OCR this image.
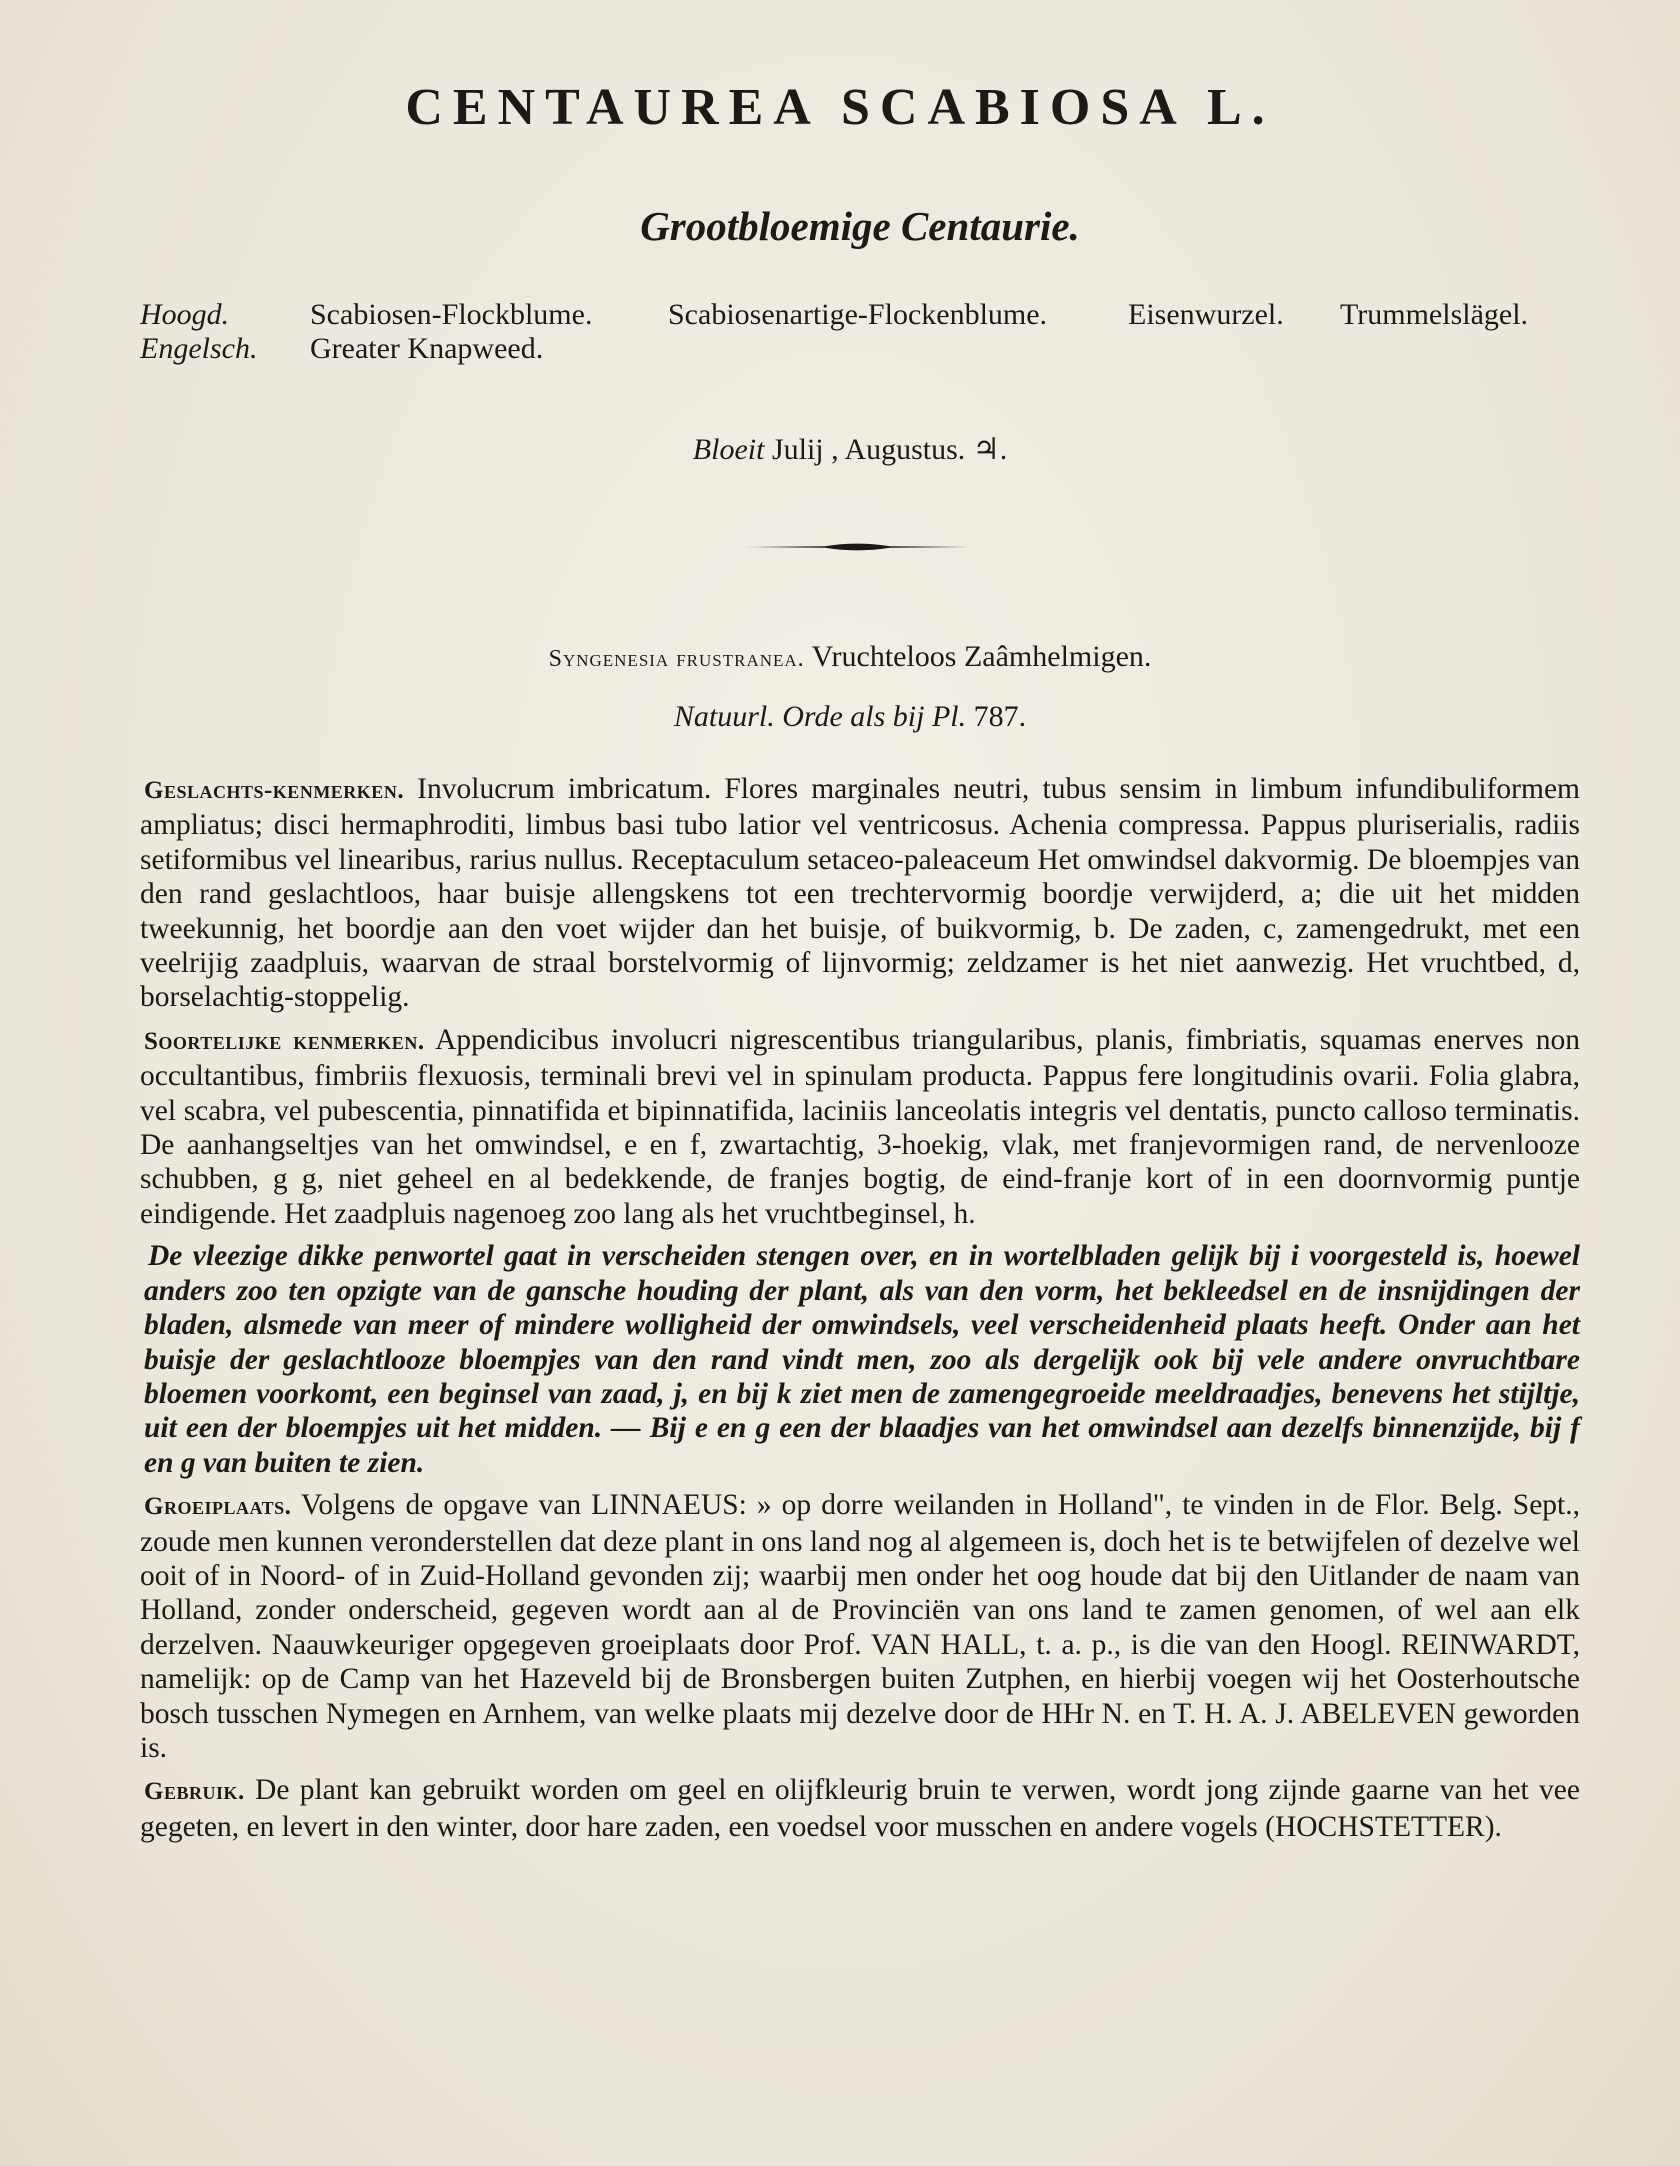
CENTAUREA SCABIOSA L.
Grootbloemige Centaurie.
Hoogd.	Scabiosen-Flockblume.	Scabiosenartige-Flockenblume.	Eisenwurzel.	Trummelslägel.
Engelsch.	Greater Knapweed.
Bloeit Julij , Augustus. ♃.
Syngenesia frustranea. Vruchteloos Zaâmhelmigen.
Natuurl. Orde als bij Pl. 787.

Geslachts-kenmerken. Involucrum imbricatum. Flores marginales neutri, tubus sensim in limbum infundibuliformem ampliatus; disci hermaphroditi, limbus basi tubo latior vel ventricosus. Achenia compressa. Pappus pluriserialis, radiis setiformibus vel linearibus, rarius nullus. Receptaculum setaceo-paleaceum Het omwindsel dakvormig. De bloempjes van den rand geslachtloos, haar buisje allengskens tot een trechtervormig boordje verwijderd, a; die uit het midden tweekunnig, het boordje aan den voet wijder dan het buisje, of buikvormig, b. De zaden, c, zamengedrukt, met een veelrijig zaadpluis, waarvan de straal borstelvormig of lijnvormig; zeldzamer is het niet aanwezig. Het vruchtbed, d, borselachtig-stoppelig.

Soortelijke kenmerken. Appendicibus involucri nigrescentibus triangularibus, planis, fimbriatis, squamas enerves non occultantibus, fimbriis flexuosis, terminali brevi vel in spinulam producta. Pappus fere longitudinis ovarii. Folia glabra, vel scabra, vel pubescentia, pinnatifida et bipinnatifida, laciniis lanceolatis integris vel dentatis, puncto calloso terminatis. De aanhangseltjes van het omwindsel, e en f, zwartachtig, 3-hoekig, vlak, met franjevormigen rand, de nervenlooze schubben, g g, niet geheel en al bedekkende, de franjes bogtig, de eind-franje kort of in een doornvormig puntje eindigende. Het zaadpluis nagenoeg zoo lang als het vruchtbeginsel, h.

De vleezige dikke penwortel gaat in verscheiden stengen over, en in wortelbladen gelijk bij i voorgesteld is, hoewel anders zoo ten opzigte van de gansche houding der plant, als van den vorm, het bekleedsel en de insnijdingen der bladen, alsmede van meer of mindere wolligheid der omwindsels, veel verscheidenheid plaats heeft. Onder aan het buisje der geslachtlooze bloempjes van den rand vindt men, zoo als dergelijk ook bij vele andere onvruchtbare bloemen voorkomt, een beginsel van zaad, j, en bij k ziet men de zamengegroeide meeldraadjes, benevens het stijltje, uit een der bloempjes uit het midden. — Bij e en g een der blaadjes van het omwindsel aan dezelfs binnenzijde, bij f en g van buiten te zien.

Groeiplaats. Volgens de opgave van LINNAEUS: » op dorre weilanden in Holland", te vinden in de Flor. Belg. Sept., zoude men kunnen veronderstellen dat deze plant in ons land nog al algemeen is, doch het is te betwijfelen of dezelve wel ooit of in Noord- of in Zuid-Holland gevonden zij; waarbij men onder het oog houde dat bij den Uitlander de naam van Holland, zonder onderscheid, gegeven wordt aan al de Provinciën van ons land te zamen genomen, of wel aan elk derzelven. Naauwkeuriger opgegeven groeiplaats door Prof. VAN HALL, t. a. p., is die van den Hoogl. REINWARDT, namelijk: op de Camp van het Hazeveld bij de Bronsbergen buiten Zutphen, en hierbij voegen wij het Oosterhoutsche bosch tusschen Nymegen en Arnhem, van welke plaats mij dezelve door de HHr N. en T. H. A. J. ABELEVEN geworden is.

Gebruik. De plant kan gebruikt worden om geel en olijfkleurig bruin te verwen, wordt jong zijnde gaarne van het vee gegeten, en levert in den winter, door hare zaden, een voedsel voor musschen en andere vogels (HOCHSTETTER).
